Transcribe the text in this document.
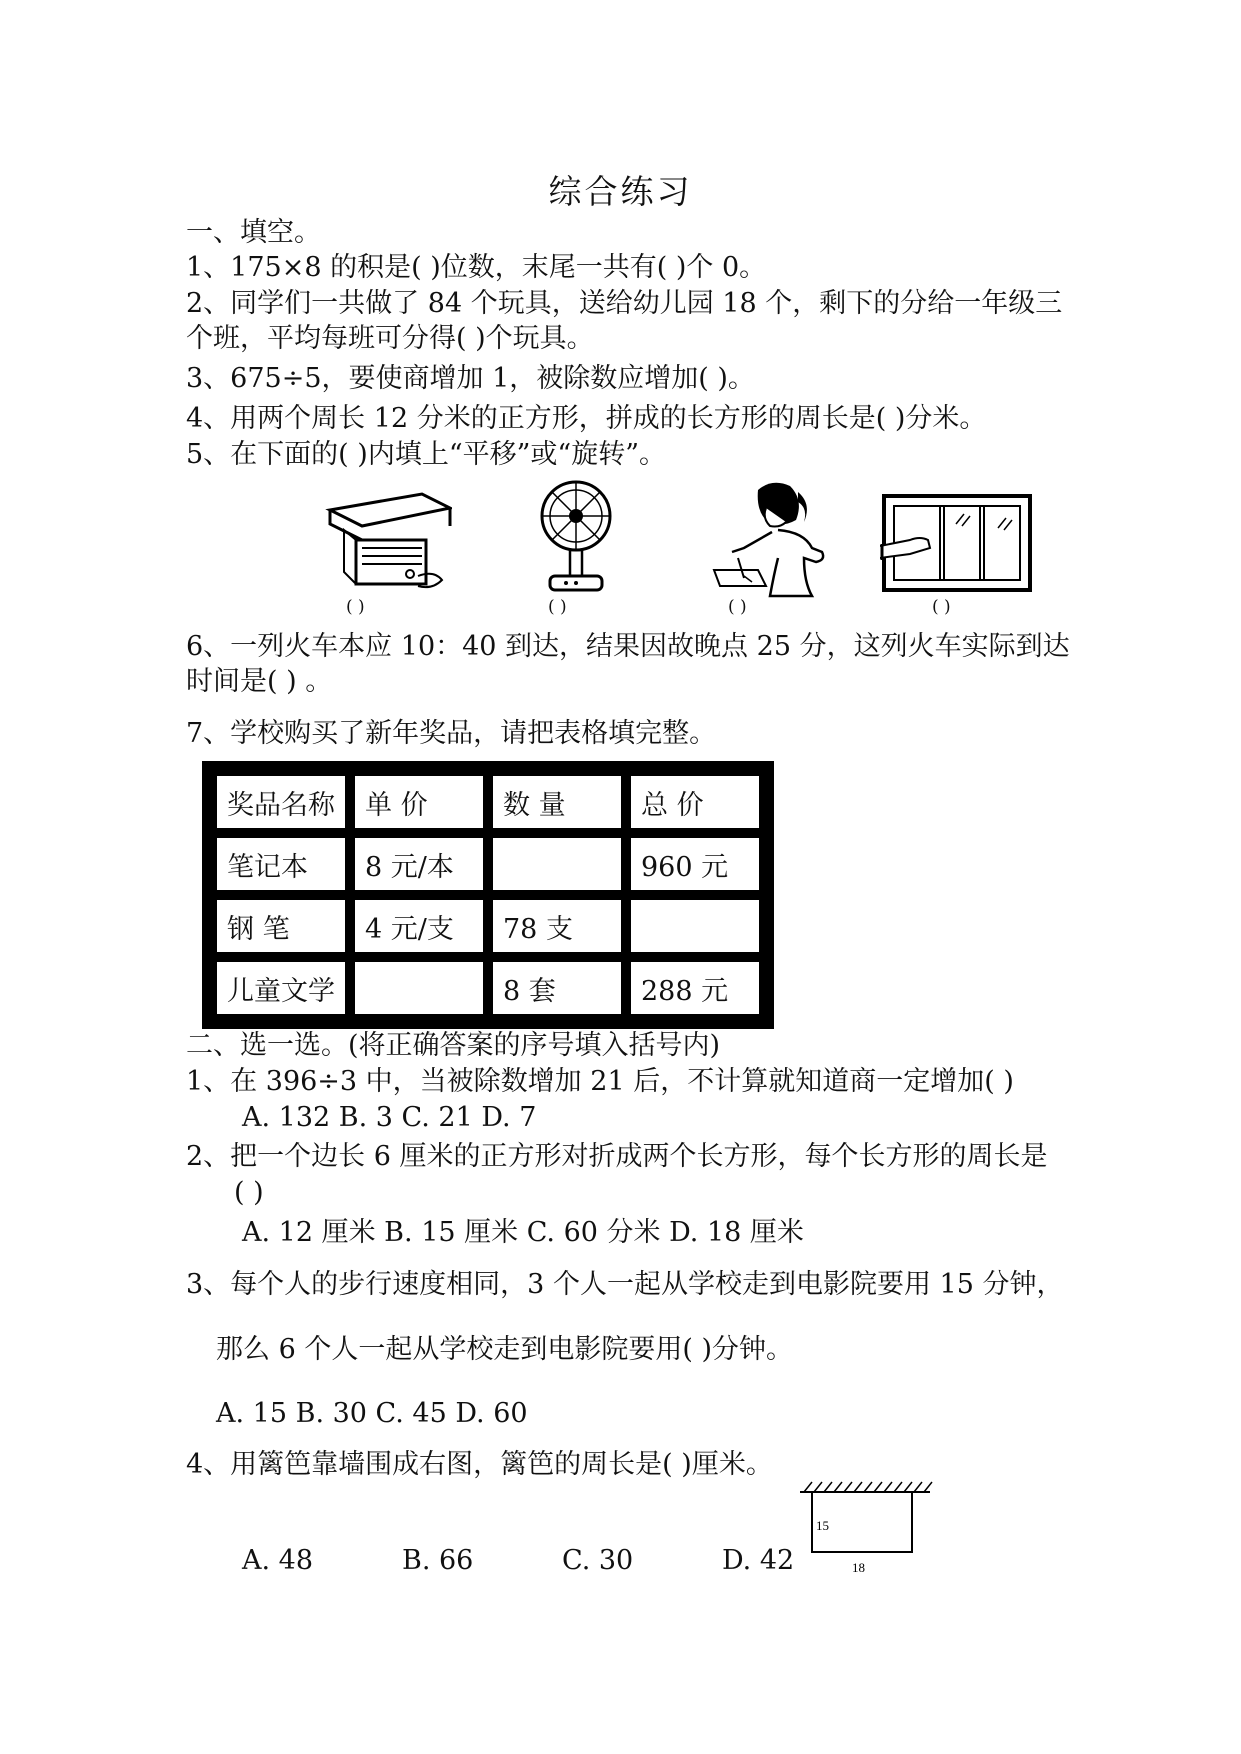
综合练习
一、填空。
1、175×8 的积是( )位数，末尾一共有( )个 0。
2、同学们一共做了 84 个玩具，送给幼儿园 18 个，剩下的分给一年级三
个班，平均每班可分得( )个玩具。
3、675÷5，要使商增加 1，被除数应增加( )。
4、用两个周长 12 分米的正方形，拼成的长方形的周长是( )分米。
5、在下面的( )内填上“平移”或“旋转”。
( )	( )	( )	( )
6、一列火车本应 10：40 到达，结果因故晚点 25 分，这列火车实际到达
时间是( ) 。
7、学校购买了新年奖品，请把表格填完整。
奖品名称	单 价	数 量	总 价
笔记本	8 元/本		960 元
钢 笔	4 元/支	78 支	
儿童文学		8 套	288 元
二、选一选。(将正确答案的序号填入括号内)
1、在 396÷3 中，当被除数增加 21 后，不计算就知道商一定增加( )
A. 132 B. 3 C. 21 D. 7
2、把一个边长 6 厘米的正方形对折成两个长方形，每个长方形的周长是
( )
A. 12 厘米 B. 15 厘米 C. 60 分米 D. 18 厘米
3、每个人的步行速度相同，3 个人一起从学校走到电影院要用 15 分钟，
那么 6 个人一起从学校走到电影院要用( )分钟。
A. 15 B. 30 C. 45 D. 60
4、用篱笆靠墙围成右图，篱笆的周长是( )厘米。
A. 48	B. 66	C. 30	D. 42
15
18
